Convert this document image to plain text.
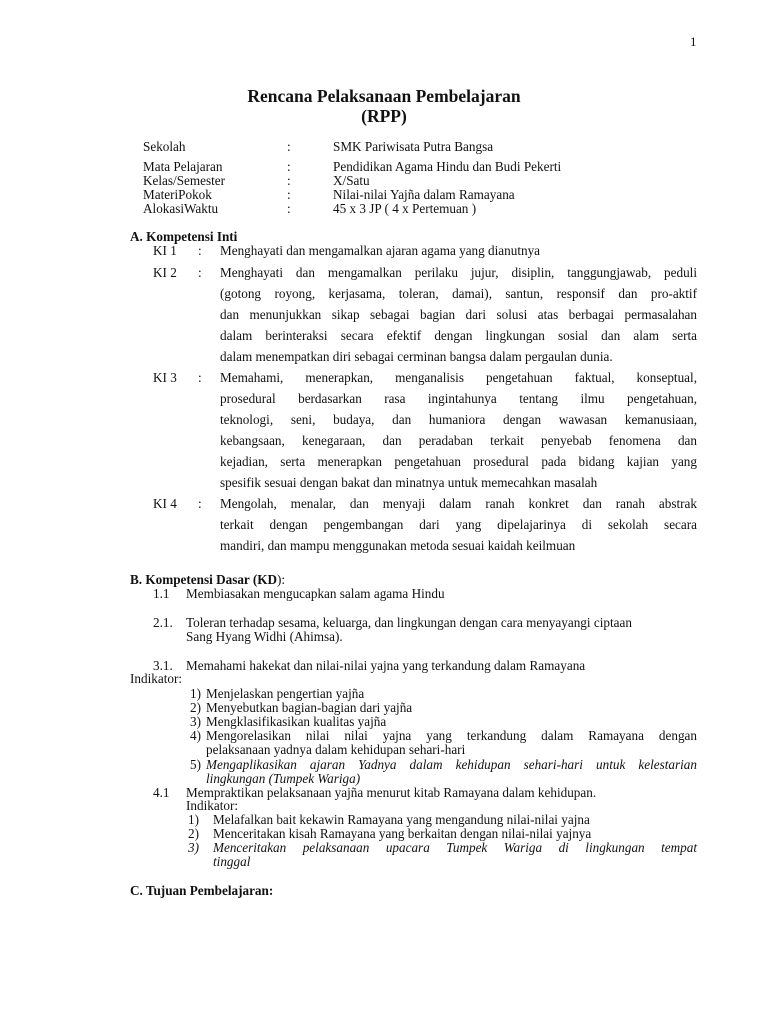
1
Rencana Pelaksanaan Pembelajaran
(RPP)
Sekolah	:	SMK Pariwisata Putra Bangsa
Mata Pelajaran	:	Pendidikan Agama Hindu dan Budi Pekerti
Kelas/Semester	:	X/Satu
MateriPokok	:	Nilai-nilai Yajña dalam Ramayana
AlokasiWaktu	:	45 x 3 JP ( 4 x Pertemuan )
A. Kompetensi Inti
KI 1 : Menghayati dan mengamalkan ajaran agama yang dianutnya
KI 2 : Menghayati dan mengamalkan perilaku jujur, disiplin, tanggungjawab, peduli
(gotong royong, kerjasama, toleran, damai), santun, responsif dan pro-aktif
dan menunjukkan sikap sebagai bagian dari solusi atas berbagai permasalahan
dalam berinteraksi secara efektif dengan lingkungan sosial dan alam serta
dalam menempatkan diri sebagai cerminan bangsa dalam pergaulan dunia.
KI 3 : Memahami, menerapkan, menganalisis pengetahuan faktual, konseptual,
prosedural berdasarkan rasa ingintahunya tentang ilmu pengetahuan,
teknologi, seni, budaya, dan humaniora dengan wawasan kemanusiaan,
kebangsaan, kenegaraan, dan peradaban terkait penyebab fenomena dan
kejadian, serta menerapkan pengetahuan prosedural pada bidang kajian yang
spesifik sesuai dengan bakat dan minatnya untuk memecahkan masalah
KI 4 : Mengolah, menalar, dan menyaji dalam ranah konkret dan ranah abstrak
terkait dengan pengembangan dari yang dipelajarinya di sekolah secara
mandiri, dan mampu menggunakan metoda sesuai kaidah keilmuan
B. Kompetensi Dasar (KD):
1.1 Membiasakan mengucapkan salam agama Hindu
2.1. Toleran terhadap sesama, keluarga, dan lingkungan dengan cara menyayangi ciptaan
Sang Hyang Widhi (Ahimsa).
3.1. Memahami hakekat dan nilai-nilai yajna yang terkandung dalam Ramayana
Indikator:
1) Menjelaskan pengertian yajña
2) Menyebutkan bagian-bagian dari yajña
3) Mengklasifikasikan kualitas yajña
4) Mengorelasikan nilai nilai yajna yang terkandung dalam Ramayana dengan
pelaksanaan yadnya dalam kehidupan sehari-hari
5) Mengaplikasikan ajaran Yadnya dalam kehidupan sehari-hari untuk kelestarian
lingkungan (Tumpek Wariga)
4.1 Mempraktikan pelaksanaan yajña menurut kitab Ramayana dalam kehidupan.
Indikator:
1) Melafalkan bait kekawin Ramayana yang mengandung nilai-nilai yajna
2) Menceritakan kisah Ramayana yang berkaitan dengan nilai-nilai yajnya
3) Menceritakan pelaksanaan upacara Tumpek Wariga di lingkungan tempat
tinggal
C. Tujuan Pembelajaran:
